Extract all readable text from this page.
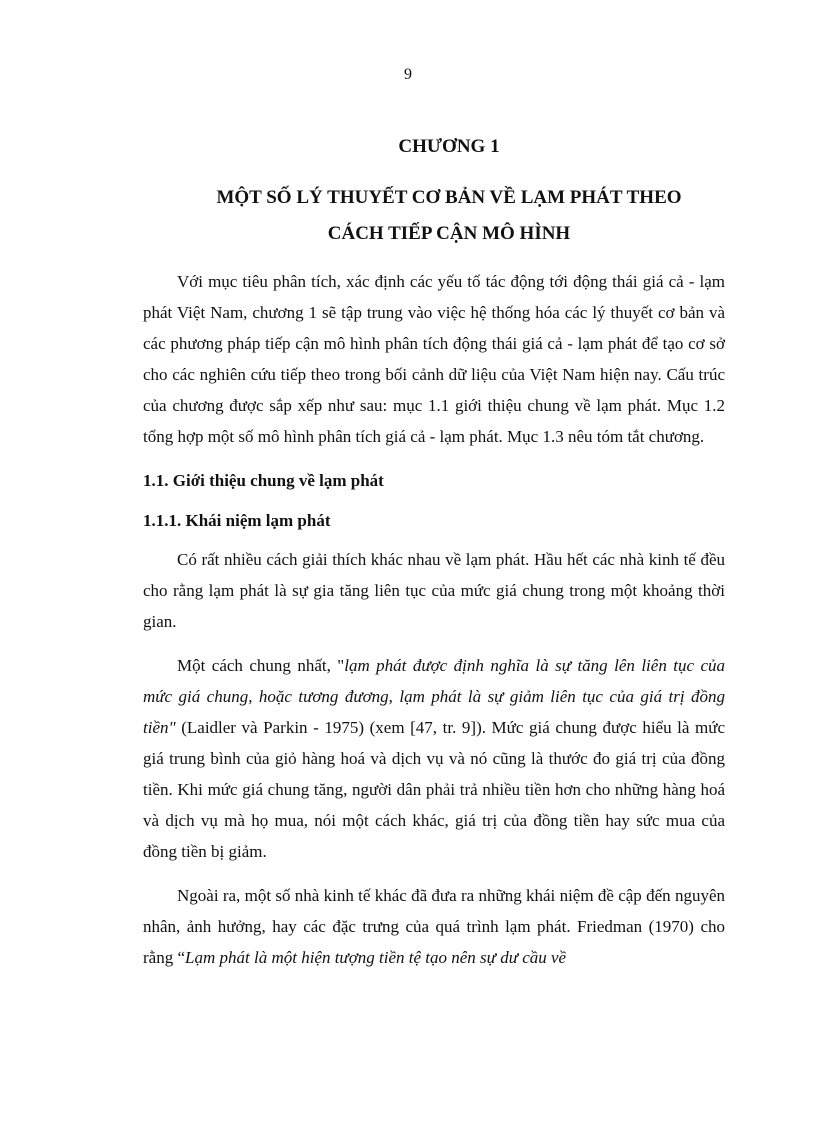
9
CHƯƠNG 1
MỘT SỐ LÝ THUYẾT CƠ BẢN VỀ LẠM PHÁT THEO
CÁCH TIẾP CẬN MÔ HÌNH

Với mục tiêu phân tích, xác định các yếu tố tác động tới động thái giá cả - lạm phát Việt Nam, chương 1 sẽ tập trung vào việc hệ thống hóa các lý thuyết cơ bản và các phương pháp tiếp cận mô hình phân tích động thái giá cả - lạm phát để tạo cơ sở cho các nghiên cứu tiếp theo trong bối cảnh dữ liệu của Việt Nam hiện nay. Cấu trúc của chương được sắp xếp như sau: mục 1.1 giới thiệu chung về lạm phát. Mục 1.2 tổng hợp một số mô hình phân tích giá cả - lạm phát. Mục 1.3 nêu tóm tắt chương.

1.1. Giới thiệu chung về lạm phát
1.1.1. Khái niệm lạm phát

Có rất nhiều cách giải thích khác nhau về lạm phát. Hầu hết các nhà kinh tế đều cho rằng lạm phát là sự gia tăng liên tục của mức giá chung trong một khoảng thời gian.

Một cách chung nhất, "lạm phát được định nghĩa là sự tăng lên liên tục của mức giá chung, hoặc tương đương, lạm phát là sự giảm liên tục của giá trị đồng tiền" (Laidler và Parkin - 1975) (xem [47, tr. 9]). Mức giá chung được hiểu là mức giá trung bình của giỏ hàng hoá và dịch vụ và nó cũng là thước đo giá trị của đồng tiền. Khi mức giá chung tăng, người dân phải trả nhiều tiền hơn cho những hàng hoá và dịch vụ mà họ mua, nói một cách khác, giá trị của đồng tiền hay sức mua của đồng tiền bị giảm.

Ngoài ra, một số nhà kinh tế khác đã đưa ra những khái niệm đề cập đến nguyên nhân, ảnh hưởng, hay các đặc trưng của quá trình lạm phát. Friedman (1970) cho rằng “Lạm phát là một hiện tượng tiền tệ tạo nên sự dư cầu về
